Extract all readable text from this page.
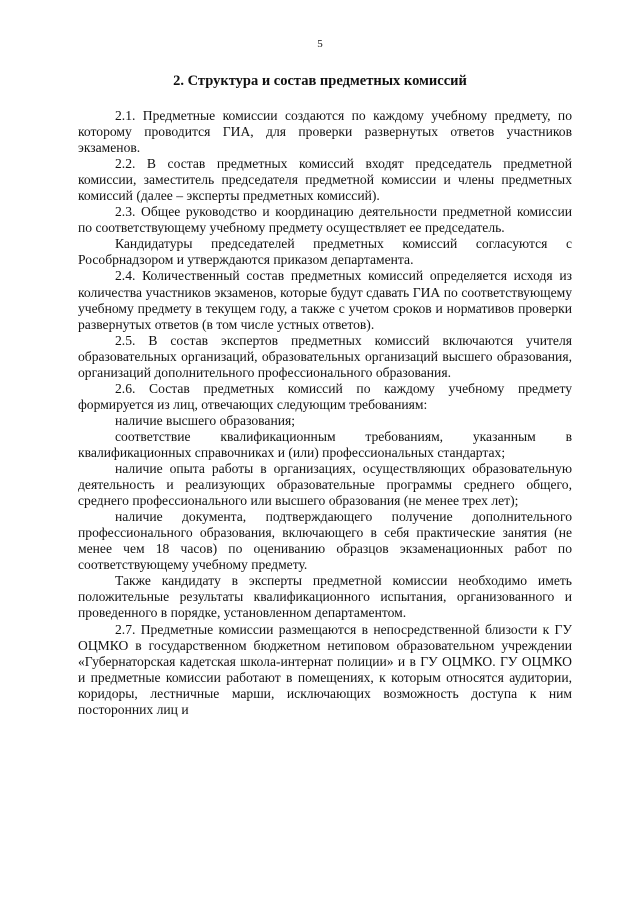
5
2. Структура и состав предметных комиссий

2.1. Предметные комиссии создаются по каждому учебному предмету, по которому проводится ГИА, для проверки развернутых ответов участников экзаменов.

2.2. В состав предметных комиссий входят председатель предметной комиссии, заместитель председателя предметной комиссии и члены предметных комиссий (далее – эксперты предметных комиссий).

2.3. Общее руководство и координацию деятельности предметной комиссии по соответствующему учебному предмету осуществляет ее председатель.

Кандидатуры председателей предметных комиссий согласуются с Рособрнадзором и утверждаются приказом департамента.

2.4. Количественный состав предметных комиссий определяется исходя из количества участников экзаменов, которые будут сдавать ГИА по соответствующему учебному предмету в текущем году, а также с учетом сроков и нормативов проверки развернутых ответов (в том числе устных ответов).

2.5. В состав экспертов предметных комиссий включаются учителя образовательных организаций, образовательных организаций высшего образования, организаций дополнительного профессионального образования.

2.6. Состав предметных комиссий по каждому учебному предмету формируется из лиц, отвечающих следующим требованиям:

наличие высшего образования;

соответствие квалификационным требованиям, указанным в квалификационных справочниках и (или) профессиональных стандартах;

наличие опыта работы в организациях, осуществляющих образовательную деятельность и реализующих образовательные программы среднего общего, среднего профессионального или высшего образования (не менее трех лет);

наличие документа, подтверждающего получение дополнительного профессионального образования, включающего в себя практические занятия (не менее чем 18 часов) по оцениванию образцов экзаменационных работ по соответствующему учебному предмету.

Также кандидату в эксперты предметной комиссии необходимо иметь положительные результаты квалификационного испытания, организованного и проведенного в порядке, установленном департаментом.

2.7. Предметные комиссии размещаются в непосредственной близости к ГУ ОЦМКО в государственном бюджетном нетиповом образовательном учреждении «Губернаторская кадетская школа-интернат полиции» и в ГУ ОЦМКО. ГУ ОЦМКО и предметные комиссии работают в помещениях, к которым относятся аудитории, коридоры, лестничные марши, исключающих возможность доступа к ним посторонних лиц и
